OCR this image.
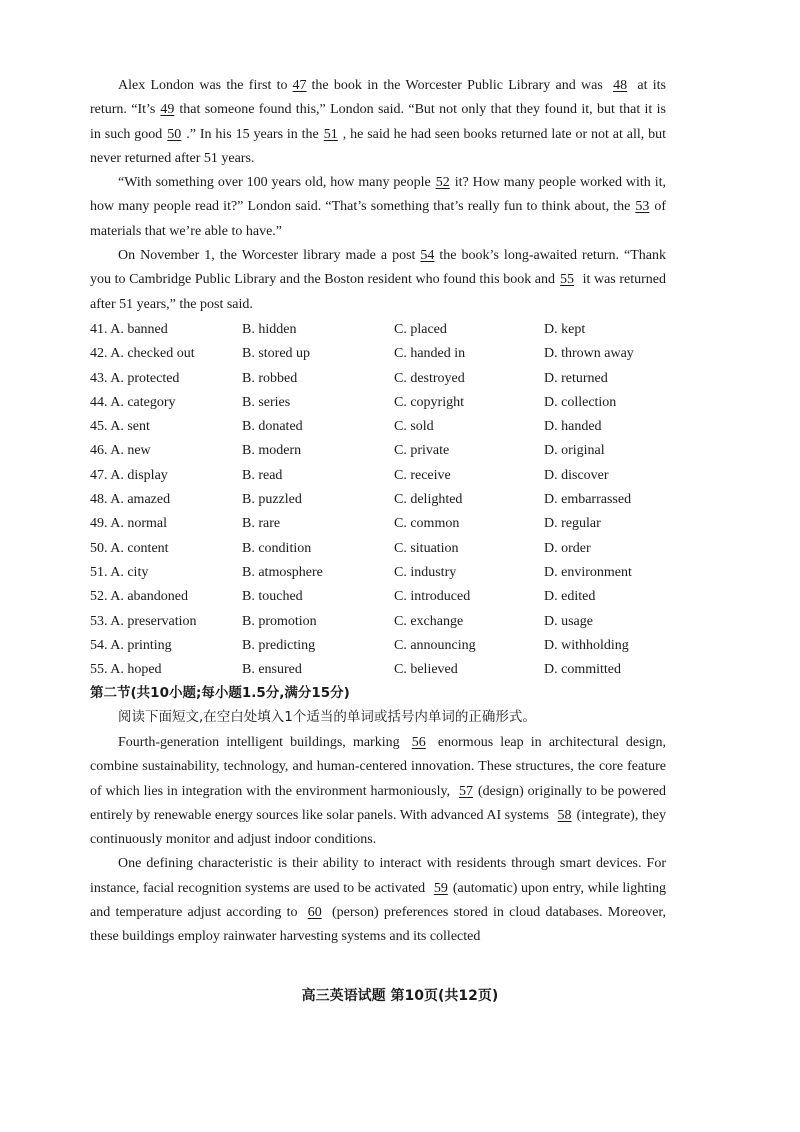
Alex London was the first to 47 the book in the Worcester Public Library and was 48 at its return. “It’s 49 that someone found this,” London said. “But not only that they found it, but that it is in such good 50 .” In his 15 years in the 51 , he said he had seen books returned late or not at all, but never returned after 51 years.

“With something over 100 years old, how many people 52 it? How many people worked with it, how many people read it?” London said. “That’s something that’s really fun to think about, the 53 of materials that we’re able to have.”

On November 1, the Worcester library made a post 54 the book’s long-awaited return. “Thank you to Cambridge Public Library and the Boston resident who found this book and 55 it was returned after 51 years,” the post said.

41. A. banned	B. hidden	C. placed	D. kept
42. A. checked out	B. stored up	C. handed in	D. thrown away
43. A. protected	B. robbed	C. destroyed	D. returned
44. A. category	B. series	C. copyright	D. collection
45. A. sent	B. donated	C. sold	D. handed
46. A. new	B. modern	C. private	D. original
47. A. display	B. read	C. receive	D. discover
48. A. amazed	B. puzzled	C. delighted	D. embarrassed
49. A. normal	B. rare	C. common	D. regular
50. A. content	B. condition	C. situation	D. order
51. A. city	B. atmosphere	C. industry	D. environment
52. A. abandoned	B. touched	C. introduced	D. edited
53. A. preservation	B. promotion	C. exchange	D. usage
54. A. printing	B. predicting	C. announcing	D. withholding
55. A. hoped	B. ensured	C. believed	D. committed
第二节(共10小题;每小题1.5分,满分15分)
阅读下面短文,在空白处填入1个适当的单词或括号内单词的正确形式。

Fourth-generation intelligent buildings, marking 56 enormous leap in architectural design, combine sustainability, technology, and human-centered innovation. These structures, the core feature of which lies in integration with the environment harmoniously, 57 (design) originally to be powered entirely by renewable energy sources like solar panels. With advanced AI systems 58 (integrate), they continuously monitor and adjust indoor conditions.

One defining characteristic is their ability to interact with residents through smart devices. For instance, facial recognition systems are used to be activated 59 (automatic) upon entry, while lighting and temperature adjust according to 60 (person) preferences stored in cloud databases. Moreover, these buildings employ rainwater harvesting systems and its collected

高三英语试题 第10页(共12页)
